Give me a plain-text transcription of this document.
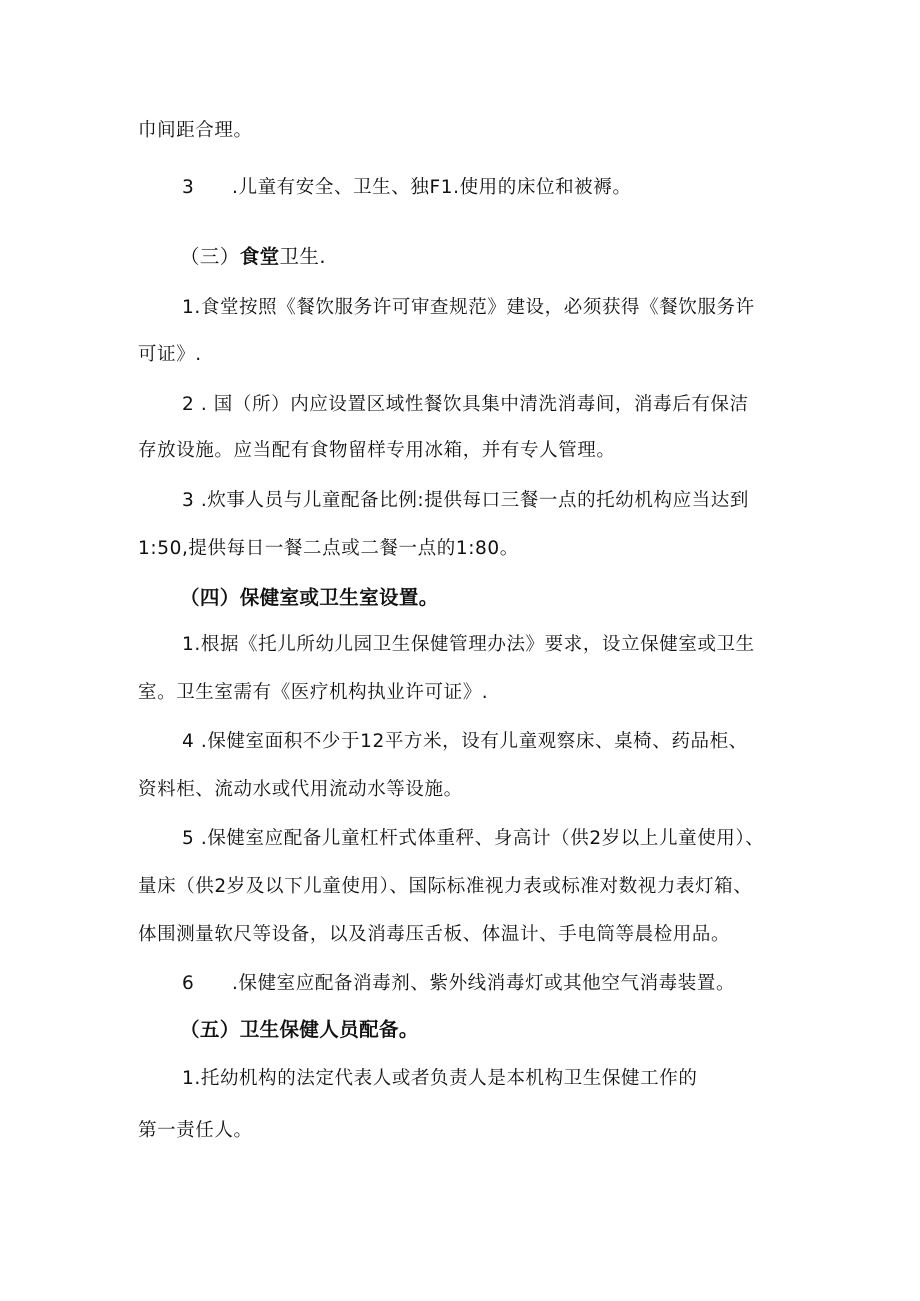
巾间距合理。

3 .儿童有安全、卫生、独F1.使用的床位和被褥。

（三）食堂卫生.

1.食堂按照《餐饮服务许可审查规范》建设，必须获得《餐饮服务许

可证》.

2 . 国（所）内应设置区域性餐饮具集中清洗消毒间，消毒后有保洁

存放设施。应当配有食物留样专用冰箱，并有专人管理。

3 .炊事人员与儿童配备比例:提供每口三餐一点的托幼机构应当达到

1:50,提供每日一餐二点或二餐一点的1:80。

（四）保健室或卫生室设置。

1.根据《托儿所幼儿园卫生保健管理办法》要求，设立保健室或卫生

室。卫生室需有《医疗机构执业许可证》.

4 .保健室面积不少于12平方米，设有儿童观察床、桌椅、药品柜、

资料柜、流动水或代用流动水等设施。

5 .保健室应配备儿童杠杆式体重秤、身高计（供2岁以上儿童使用）、

量床（供2岁及以下儿童使用）、国际标准视力表或标准对数视力表灯箱、

体围测量软尺等设备，以及消毒压舌板、体温计、手电筒等晨检用品。

6 .保健室应配备消毒剂、紫外线消毒灯或其他空气消毒装置。

（五）卫生保健人员配备。

1.托幼机构的法定代表人或者负责人是本机构卫生保健工作的

第一责任人。
